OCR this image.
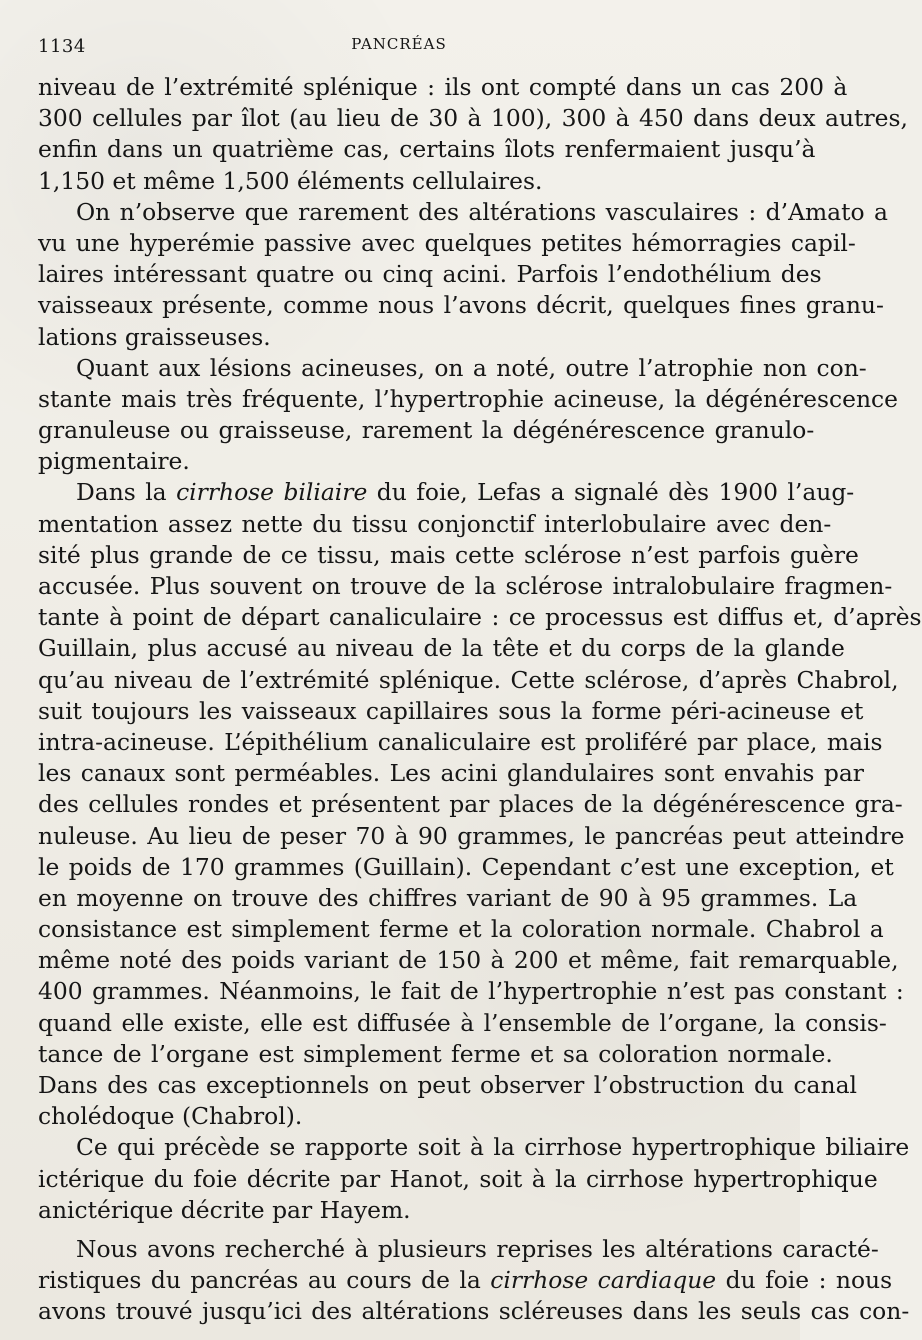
1134	PANCRÉAS
niveau de l’extrémité splénique : ils ont compté dans un cas 200 à
300 cellules par îlot (au lieu de 30 à 100), 300 à 450 dans deux autres,
enfin dans un quatrième cas, certains îlots renfermaient jusqu’à
1,150 et même 1,500 éléments cellulaires.
On n’observe que rarement des altérations vasculaires : d’Amato a
vu une hyperémie passive avec quelques petites hémorragies capil-
laires intéressant quatre ou cinq acini. Parfois l’endothélium des
vaisseaux présente, comme nous l’avons décrit, quelques fines granu-
lations graisseuses.
Quant aux lésions acineuses, on a noté, outre l’atrophie non con-
stante mais très fréquente, l’hypertrophie acineuse, la dégénérescence
granuleuse ou graisseuse, rarement la dégénérescence granulo-
pigmentaire.
Dans la cirrhose biliaire du foie, Lefas a signalé dès 1900 l’aug-
mentation assez nette du tissu conjonctif interlobulaire avec den-
sité plus grande de ce tissu, mais cette sclérose n’est parfois guère
accusée. Plus souvent on trouve de la sclérose intralobulaire fragmen-
tante à point de départ canaliculaire : ce processus est diffus et, d’après
Guillain, plus accusé au niveau de la tête et du corps de la glande
qu’au niveau de l’extrémité splénique. Cette sclérose, d’après Chabrol,
suit toujours les vaisseaux capillaires sous la forme péri-acineuse et
intra-acineuse. L’épithélium canaliculaire est proliféré par place, mais
les canaux sont perméables. Les acini glandulaires sont envahis par
des cellules rondes et présentent par places de la dégénérescence gra-
nuleuse. Au lieu de peser 70 à 90 grammes, le pancréas peut atteindre
le poids de 170 grammes (Guillain). Cependant c’est une exception, et
en moyenne on trouve des chiffres variant de 90 à 95 grammes. La
consistance est simplement ferme et la coloration normale. Chabrol a
même noté des poids variant de 150 à 200 et même, fait remarquable,
400 grammes. Néanmoins, le fait de l’hypertrophie n’est pas constant :
quand elle existe, elle est diffusée à l’ensemble de l’organe, la consis-
tance de l’organe est simplement ferme et sa coloration normale.
Dans des cas exceptionnels on peut observer l’obstruction du canal
cholédoque (Chabrol).
Ce qui précède se rapporte soit à la cirrhose hypertrophique biliaire
ictérique du foie décrite par Hanot, soit à la cirrhose hypertrophique
anictérique décrite par Hayem.
Nous avons recherché à plusieurs reprises les altérations caracté-
ristiques du pancréas au cours de la cirrhose cardiaque du foie : nous
avons trouvé jusqu’ici des altérations scléreuses dans les seuls cas con-
